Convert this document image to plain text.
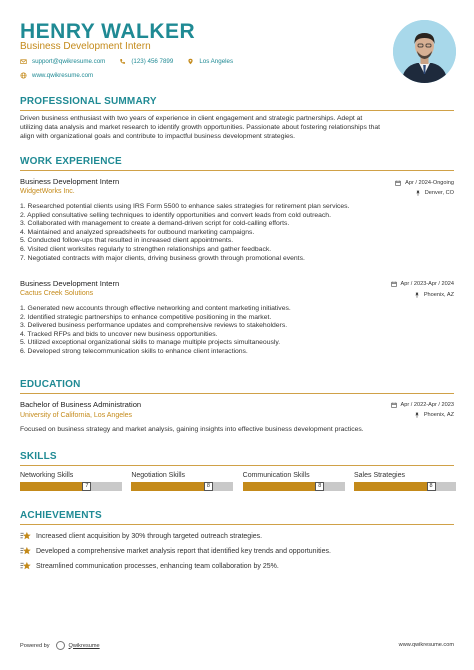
HENRY WALKER
Business Development Intern
support@qwikresume.com	(123) 456 7899	Los Angeles
www.qwikresume.com
PROFESSIONAL SUMMARY
Driven business enthusiast with two years of experience in client engagement and strategic partnerships. Adept at
utilizing data analysis and market research to identify growth opportunities. Passionate about fostering relationships that
align with organizational goals and contribute to impactful business development strategies.
WORK EXPERIENCE
Business Development Intern
WidgetWorks Inc.
Apr / 2024-Ongoing
Denver, CO
1. Researched potential clients using IRS Form 5500 to enhance sales strategies for retirement plan services.
2. Applied consultative selling techniques to identify opportunities and convert leads from cold outreach.
3. Collaborated with management to create a demand-driven script for cold-calling efforts.
4. Maintained and analyzed spreadsheets for outbound marketing campaigns.
5. Conducted follow-ups that resulted in increased client appointments.
6. Visited client worksites regularly to strengthen relationships and gather feedback.
7. Negotiated contracts with major clients, driving business growth through promotional events.
Business Development Intern
Cactus Creek Solutions
Apr / 2023-Apr / 2024
Phoenix, AZ
1. Generated new accounts through effective networking and content marketing initiatives.
2. Identified strategic partnerships to enhance competitive positioning in the market.
3. Delivered business performance updates and comprehensive reviews to stakeholders.
4. Tracked RFPs and bids to uncover new business opportunities.
5. Utilized exceptional organizational skills to manage multiple projects simultaneously.
6. Developed strong telecommunication skills to enhance client interactions.
EDUCATION
Bachelor of Business Administration
University of California, Los Angeles
Apr / 2022-Apr / 2023
Phoenix, AZ
Focused on business strategy and market analysis, gaining insights into effective business development practices.
SKILLS
Networking Skills
7
Negotiation Skills
8
Communication Skills
8
Sales Strategies
8
ACHIEVEMENTS
Increased client acquisition by 30% through targeted outreach strategies.
Developed a comprehensive market analysis report that identified key trends and opportunities.
Streamlined communication processes, enhancing team collaboration by 25%.
Powered by	Qwikresume	www.qwikresume.com
